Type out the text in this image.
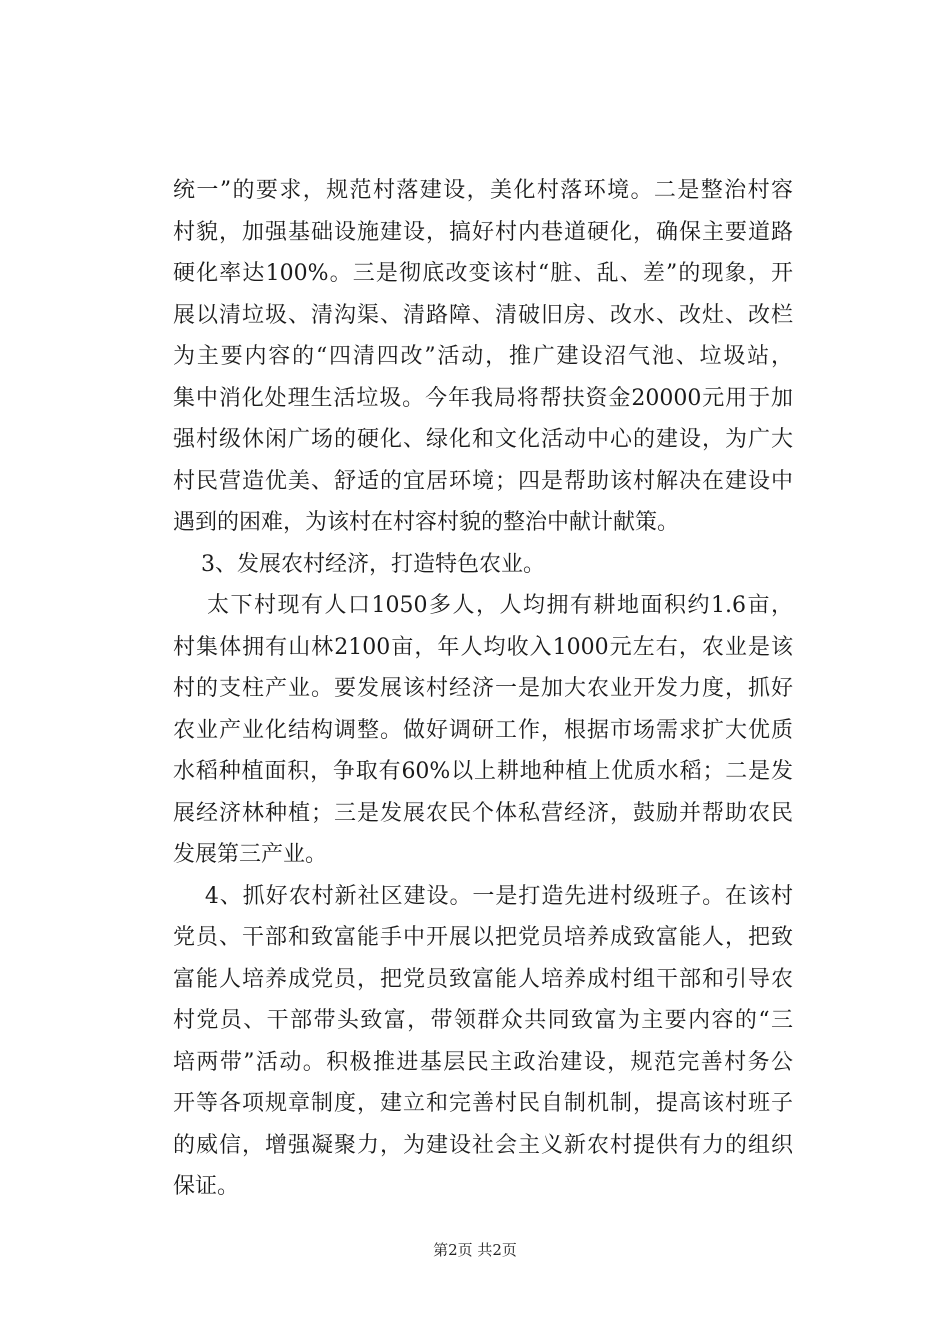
统一”的要求，规范村落建设，美化村落环境。二是整治村容
村貌，加强基础设施建设，搞好村内巷道硬化，确保主要道路
硬化率达100%。三是彻底改变该村“脏、乱、差”的现象，开
展以清垃圾、清沟渠、清路障、清破旧房、改水、改灶、改栏
为主要内容的“四清四改”活动，推广建设沼气池、垃圾站，
集中消化处理生活垃圾。今年我局将帮扶资金20000元用于加
强村级休闲广场的硬化、绿化和文化活动中心的建设，为广大
村民营造优美、舒适的宜居环境；四是帮助该村解决在建设中
遇到的困难，为该村在村容村貌的整治中献计献策。
3、发展农村经济，打造特色农业。
太下村现有人口1050多人，人均拥有耕地面积约1.6亩，
村集体拥有山林2100亩，年人均收入1000元左右，农业是该
村的支柱产业。要发展该村经济一是加大农业开发力度，抓好
农业产业化结构调整。做好调研工作，根据市场需求扩大优质
水稻种植面积，争取有60%以上耕地种植上优质水稻；二是发
展经济林种植；三是发展农民个体私营经济，鼓励并帮助农民
发展第三产业。
4、抓好农村新社区建设。一是打造先进村级班子。在该村
党员、干部和致富能手中开展以把党员培养成致富能人，把致
富能人培养成党员，把党员致富能人培养成村组干部和引导农
村党员、干部带头致富，带领群众共同致富为主要内容的“三
培两带”活动。积极推进基层民主政治建设，规范完善村务公
开等各项规章制度，建立和完善村民自制机制，提高该村班子
的威信，增强凝聚力，为建设社会主义新农村提供有力的组织
保证。
第2页 共2页
